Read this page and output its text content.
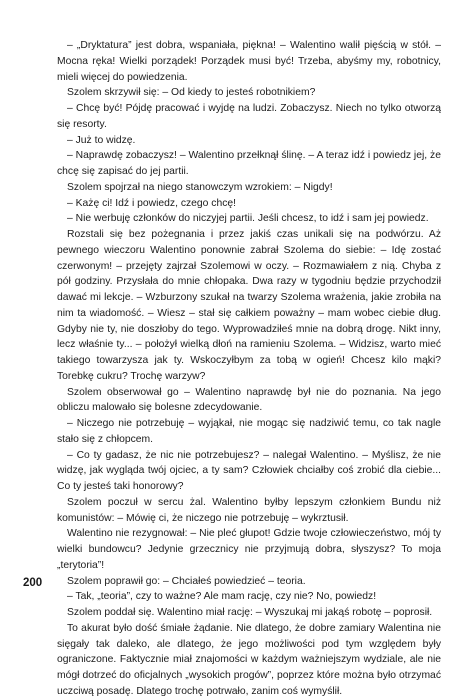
– „Dryktatura” jest dobra, wspaniała, piękna! – Walentino walił pięścią w stół. – Mocna ręka! Wielki porządek! Porządek musi być! Trzeba, abyśmy my, robotnicy, mieli więcej do powiedzenia.

Szolem skrzywił się: – Od kiedy to jesteś robotnikiem?

– Chcę być! Pójdę pracować i wyjdę na ludzi. Zobaczysz. Niech no tylko otworzą się resorty.

– Już to widzę.

– Naprawdę zobaczysz! – Walentino przełknął ślinę. – A teraz idź i powiedz jej, że chcę się zapisać do jej partii.

Szolem spojrzał na niego stanowczym wzrokiem: – Nigdy!

– Każę ci! Idź i powiedz, czego chcę!

– Nie werbuję członków do niczyjej partii. Jeśli chcesz, to idź i sam jej powiedz.

Rozstali się bez pożegnania i przez jakiś czas unikali się na podwórzu. Aż pewnego wieczoru Walentino ponownie zabrał Szolema do siebie: – Idę zostać czerwonym! – przejęty zajrzał Szolemowi w oczy. – Rozmawiałem z nią. Chyba z pół godziny. Przysłała do mnie chłopaka. Dwa razy w tygodniu będzie przychodził dawać mi lekcje. – Wzburzony szukał na twarzy Szolema wrażenia, jakie zrobiła na nim ta wiadomość. – Wiesz – stał się całkiem poważny – mam wobec ciebie dług. Gdyby nie ty, nie doszłoby do tego. Wyprowadziłeś mnie na dobrą drogę. Nikt inny, lecz właśnie ty... – położył wielką dłoń na ramieniu Szolema. – Widzisz, warto mieć takiego towarzysza jak ty. Wskoczyłbym za tobą w ogień! Chcesz kilo mąki? Torebkę cukru? Trochę warzyw?

Szolem obserwował go – Walentino naprawdę był nie do poznania. Na jego obliczu malowało się bolesne zdecydowanie.

– Niczego nie potrzebuję – wyjąkał, nie mogąc się nadziwić temu, co tak nagle stało się z chłopcem.

– Co ty gadasz, że nic nie potrzebujesz? – nalegał Walentino. – Myślisz, że nie widzę, jak wygląda twój ojciec, a ty sam? Człowiek chciałby coś zrobić dla ciebie... Co ty jesteś taki honorowy?

Szolem poczuł w sercu żal. Walentino byłby lepszym członkiem Bundu niż komunistów: – Mówię ci, że niczego nie potrzebuję – wykrztusił.

Walentino nie rezygnował: – Nie pleć głupot! Gdzie twoje człowieczeństwo, mój ty wielki bundowcu? Jedynie grzecznicy nie przyjmują dobra, słyszysz? To moja „terytoria”!

Szolem poprawił go: – Chciałeś powiedzieć – teoria.

– Tak, „teoria”, czy to ważne? Ale mam rację, czy nie? No, powiedz!

Szolem poddał się. Walentino miał rację: – Wyszukaj mi jakąś robotę – poprosił.

To akurat było dość śmiałe żądanie. Nie dlatego, że dobre zamiary Walentina nie sięgały tak daleko, ale dlatego, że jego możliwości pod tym względem były ograniczone. Faktycznie miał znajomości w każdym ważniejszym wydziale, ale nie mógł dotrzeć do oficjalnych „wysokich progów”, poprzez które można było otrzymać uczciwą posadę. Dlatego trochę potrwało, zanim coś wymyślił.

200
